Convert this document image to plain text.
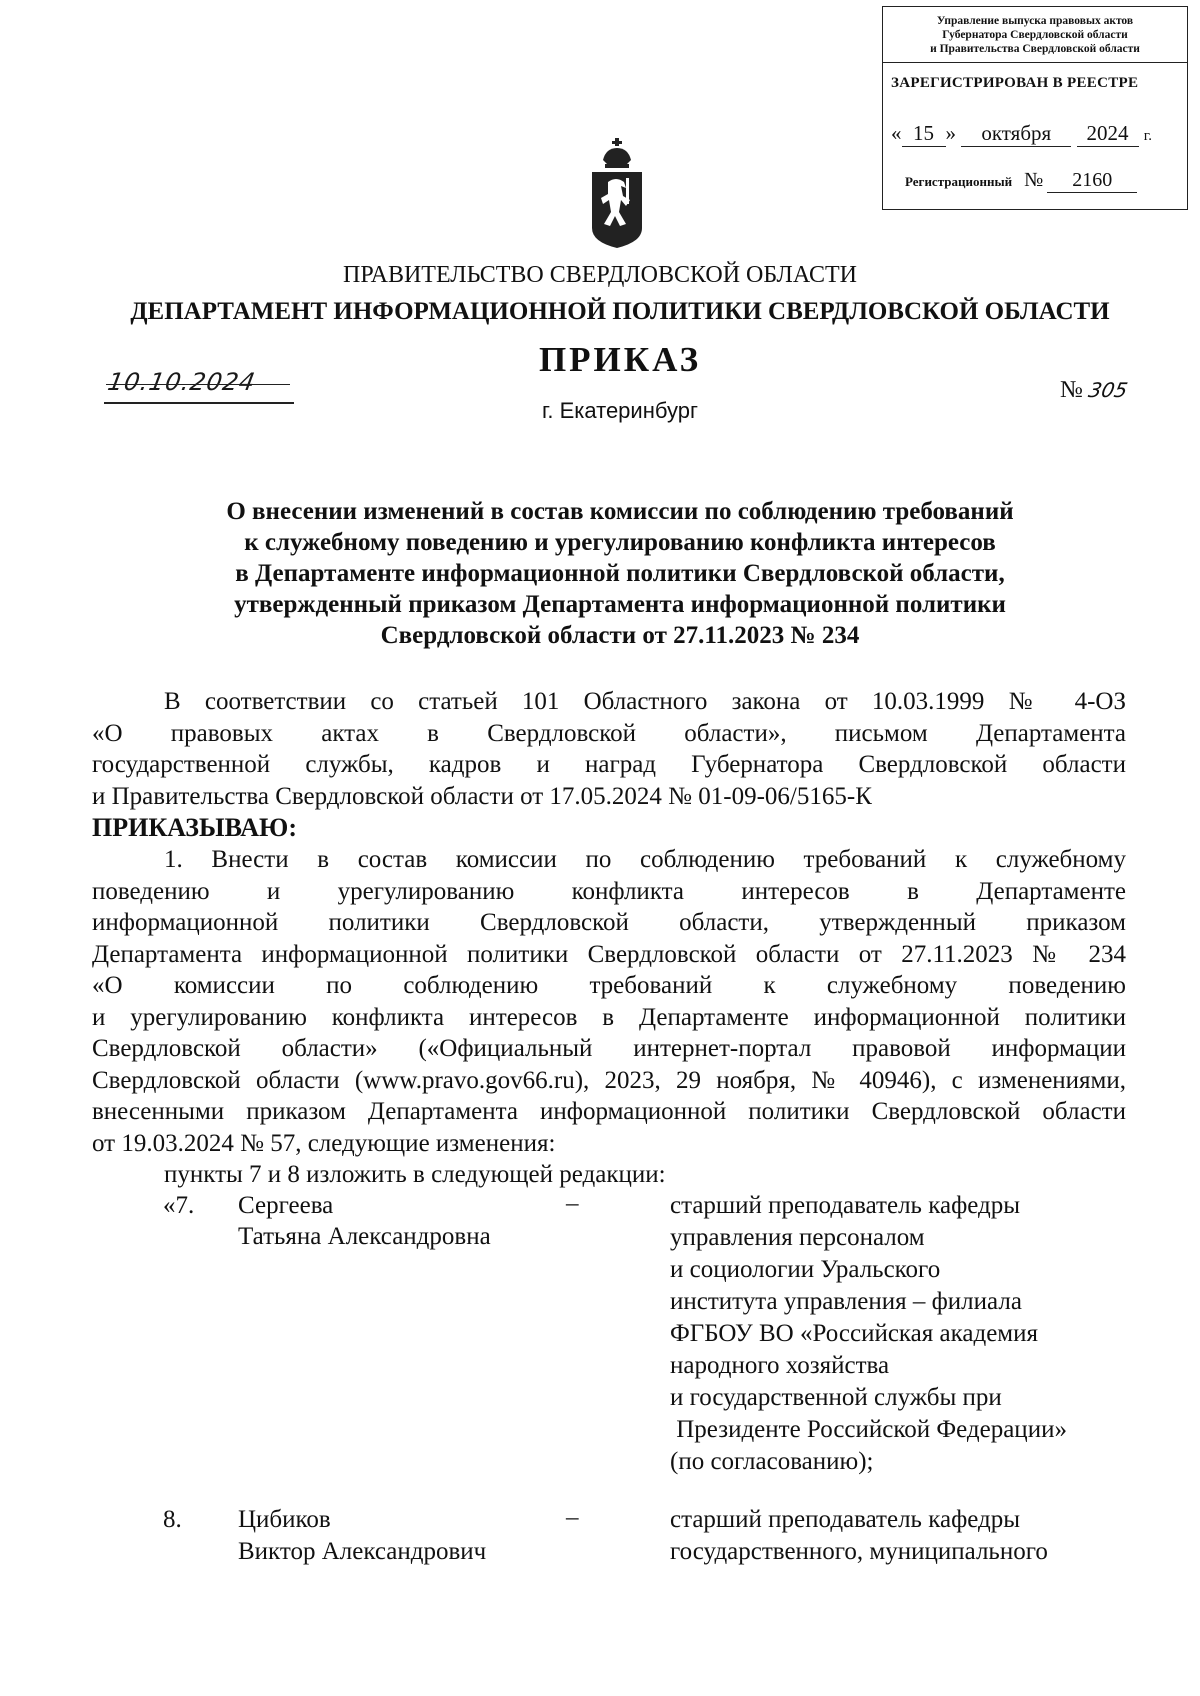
Управление выпуска правовых актов
Губернатора Свердловской области
и Правительства Свердловской области
ЗАРЕГИСТРИРОВАН В РЕЕСТРЕ
« 15 » октября 2024 г.
Регистрационный № 2160
ПРАВИТЕЛЬСТВО СВЕРДЛОВСКОЙ ОБЛАСТИ
ДЕПАРТАМЕНТ ИНФОРМАЦИОННОЙ ПОЛИТИКИ СВЕРДЛОВСКОЙ ОБЛАСТИ
ПРИКАЗ
10.10.2024	№ 305
г. Екатеринбург
О внесении изменений в состав комиссии по соблюдению требований
к служебному поведению и урегулированию конфликта интересов
в Департаменте информационной политики Свердловской области,
утвержденный приказом Департамента информационной политики
Свердловской области от 27.11.2023 № 234
В соответствии со статьей 101 Областного закона от 10.03.1999 № 4-ОЗ
«О правовых актах в Свердловской области», письмом Департамента
государственной службы, кадров и наград Губернатора Свердловской области
и Правительства Свердловской области от 17.05.2024 № 01-09-06/5165-К
ПРИКАЗЫВАЮ:
1. Внести в состав комиссии по соблюдению требований к служебному
поведению и урегулированию конфликта интересов в Департаменте
информационной политики Свердловской области, утвержденный приказом
Департамента информационной политики Свердловской области от 27.11.2023 № 234
«О комиссии по соблюдению требований к служебному поведению
и урегулированию конфликта интересов в Департаменте информационной политики
Свердловской области» («Официальный интернет-портал правовой информации
Свердловской области (www.pravo.gov66.ru), 2023, 29 ноября, № 40946), с изменениями,
внесенными приказом Департамента информационной политики Свердловской области
от 19.03.2024 № 57, следующие изменения:
пункты 7 и 8 изложить в следующей редакции:
«7. Сергеева
Татьяна Александровна
–	старший преподаватель кафедры
управления персоналом
и социологии Уральского
института управления – филиала
ФГБОУ ВО «Российская академия
народного хозяйства
и государственной службы при
Президенте Российской Федерации»
(по согласованию);
8. Цибиков
Виктор Александрович
–	старший преподаватель кафедры
государственного, муниципального
